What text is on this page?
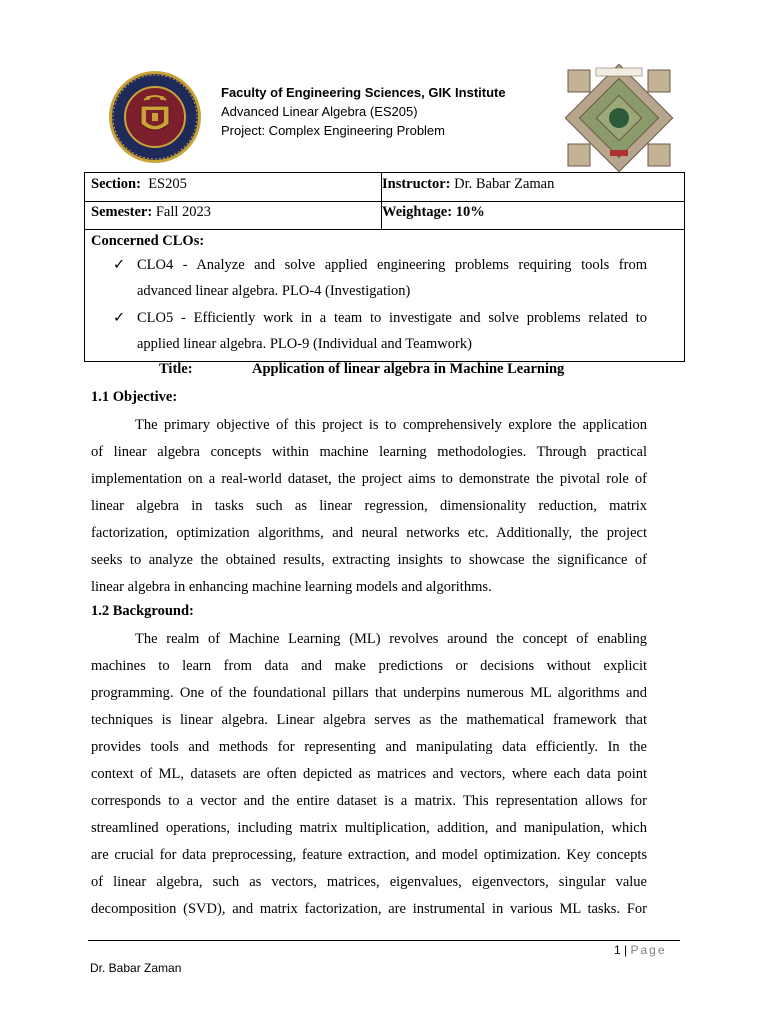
Faculty of Engineering Sciences, GIK Institute
Advanced Linear Algebra (ES205)
Project: Complex Engineering Problem
Section: ES205	Instructor: Dr. Babar Zaman
Semester: Fall 2023	Weightage: 10%
Concerned CLOs:
✓ CLO4 - Analyze and solve applied engineering problems requiring tools from
advanced linear algebra. PLO-4 (Investigation)
✓ CLO5 - Efficiently work in a team to investigate and solve problems related to
applied linear algebra. PLO-9 (Individual and Teamwork)
Title:	Application of linear algebra in Machine Learning
1.1 Objective:
The primary objective of this project is to comprehensively explore the application
of linear algebra concepts within machine learning methodologies. Through practical
implementation on a real-world dataset, the project aims to demonstrate the pivotal role of
linear algebra in tasks such as linear regression, dimensionality reduction, matrix
factorization, optimization algorithms, and neural networks etc. Additionally, the project
seeks to analyze the obtained results, extracting insights to showcase the significance of
linear algebra in enhancing machine learning models and algorithms.
1.2 Background:
The realm of Machine Learning (ML) revolves around the concept of enabling
machines to learn from data and make predictions or decisions without explicit
programming. One of the foundational pillars that underpins numerous ML algorithms and
techniques is linear algebra. Linear algebra serves as the mathematical framework that
provides tools and methods for representing and manipulating data efficiently. In the
context of ML, datasets are often depicted as matrices and vectors, where each data point
corresponds to a vector and the entire dataset is a matrix. This representation allows for
streamlined operations, including matrix multiplication, addition, and manipulation, which
are crucial for data preprocessing, feature extraction, and model optimization. Key concepts
of linear algebra, such as vectors, matrices, eigenvalues, eigenvectors, singular value
decomposition (SVD), and matrix factorization, are instrumental in various ML tasks. For
1 | Page
Dr. Babar Zaman
